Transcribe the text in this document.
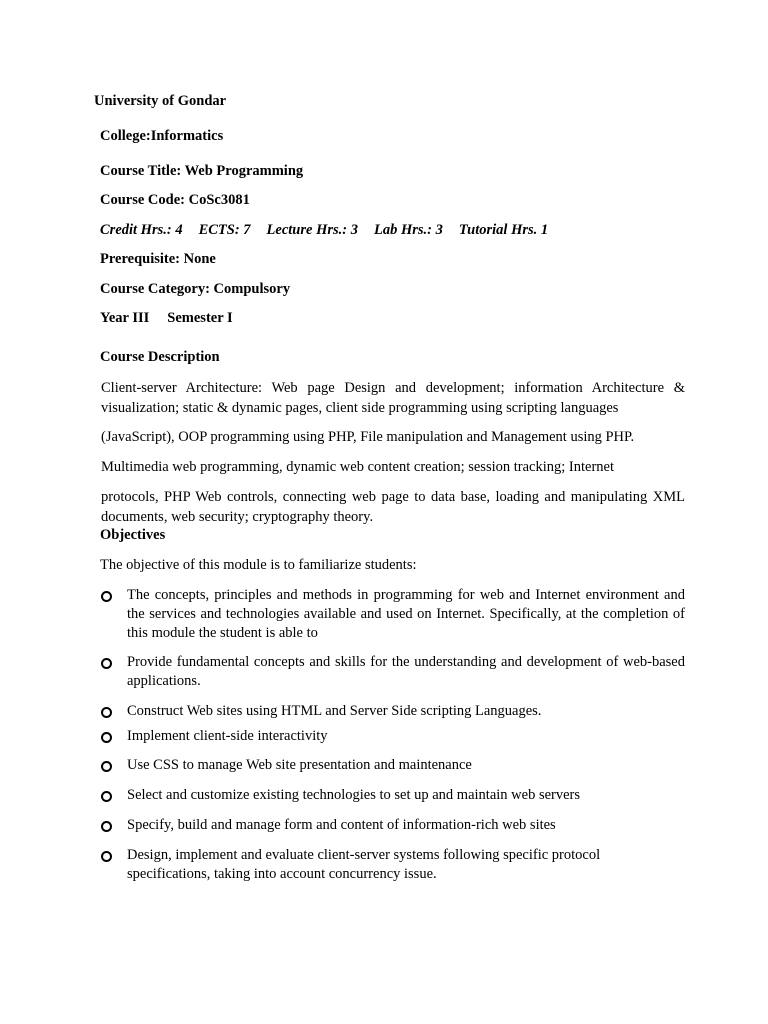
University of Gondar
College:Informatics
Course Title: Web Programming
Course Code: CoSc3081
Credit Hrs.: 4 ECTS: 7 Lecture Hrs.: 3 Lab Hrs.: 3 Tutorial Hrs. 1
Prerequisite: None
Course Category: Compulsory
Year III Semester I
Course Description
Client-server Architecture: Web page Design and development; information Architecture & visualization; static & dynamic pages, client side programming using scripting languages
(JavaScript), OOP programming using PHP, File manipulation and Management using PHP.
Multimedia web programming, dynamic web content creation; session tracking; Internet
protocols, PHP Web controls, connecting web page to data base, loading and manipulating XML documents, web security; cryptography theory.
Objectives
The objective of this module is to familiarize students:
The concepts, principles and methods in programming for web and Internet environment and the services and technologies available and used on Internet. Specifically, at the completion of this module the student is able to
Provide fundamental concepts and skills for the understanding and development of web-based applications.
Construct Web sites using HTML and Server Side scripting Languages.
Implement client-side interactivity
Use CSS to manage Web site presentation and maintenance
Select and customize existing technologies to set up and maintain web servers
Specify, build and manage form and content of information-rich web sites
Design, implement and evaluate client-server systems following specific protocol specifications, taking into account concurrency issue.
